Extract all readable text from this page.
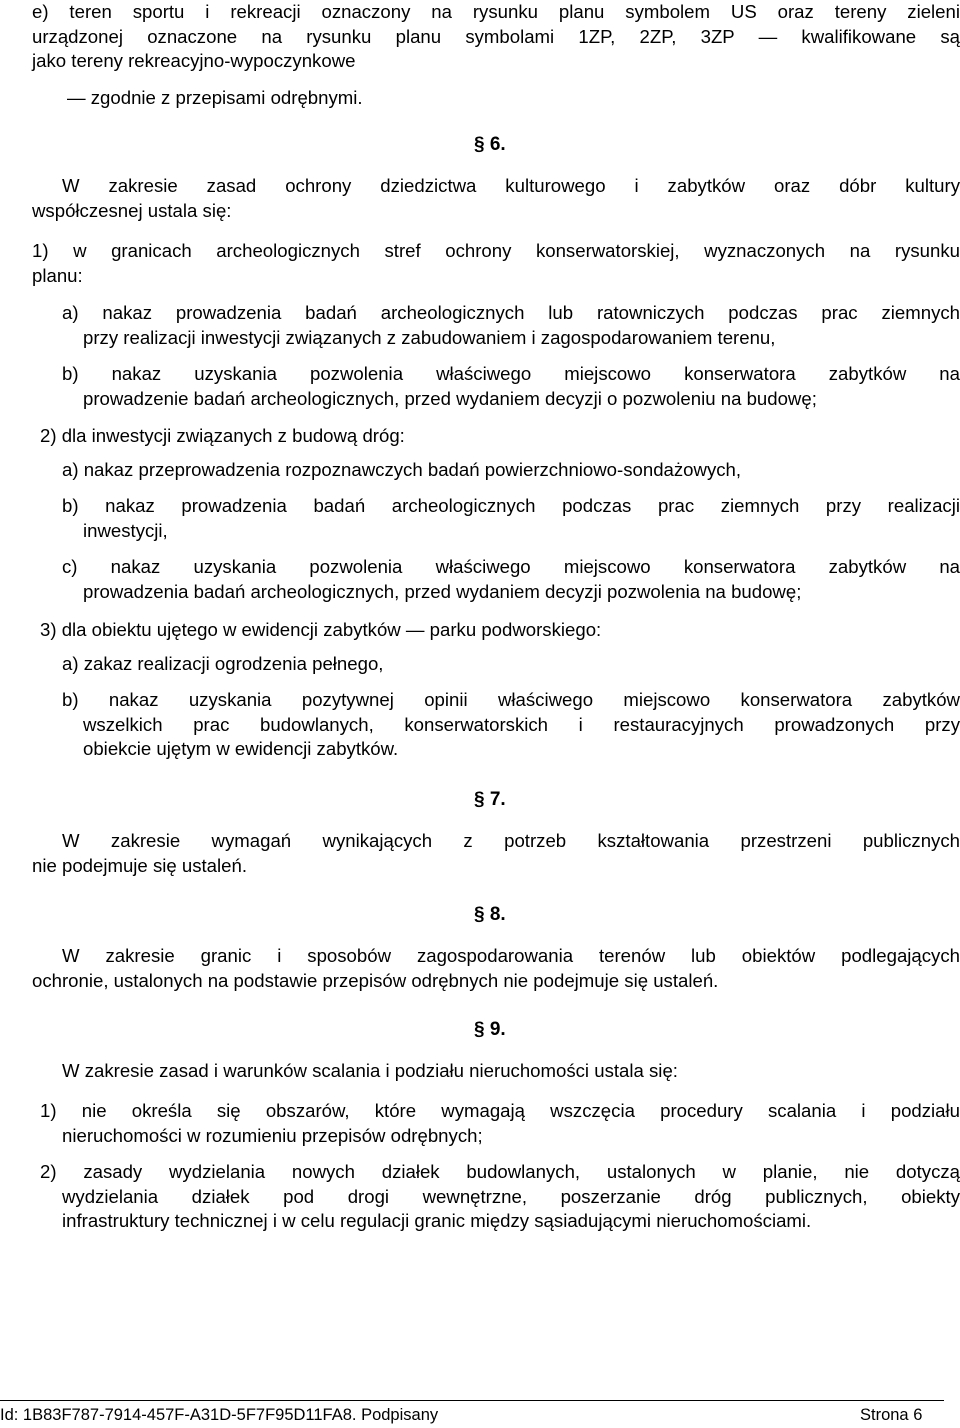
e) teren sportu i rekreacji oznaczony na rysunku planu symbolem US oraz tereny zieleni
urządzonej oznaczone na rysunku planu symbolami 1ZP, 2ZP, 3ZP — kwalifikowane są
jako tereny rekreacyjno-wypoczynkowe
— zgodnie z przepisami odrębnymi.
§ 6.
W zakresie zasad ochrony dziedzictwa kulturowego i zabytków oraz dóbr kultury
współczesnej ustala się:
1) w granicach archeologicznych stref ochrony konserwatorskiej, wyznaczonych na rysunku
planu:
a) nakaz prowadzenia badań archeologicznych lub ratowniczych podczas prac ziemnych
przy realizacji inwestycji związanych z zabudowaniem i zagospodarowaniem terenu,
b) nakaz uzyskania pozwolenia właściwego miejscowo konserwatora zabytków na
prowadzenie badań archeologicznych, przed wydaniem decyzji o pozwoleniu na budowę;
2) dla inwestycji związanych z budową dróg:
a) nakaz przeprowadzenia rozpoznawczych badań powierzchniowo-sondażowych,
b) nakaz prowadzenia badań archeologicznych podczas prac ziemnych przy realizacji
inwestycji,
c) nakaz uzyskania pozwolenia właściwego miejscowo konserwatora zabytków na
prowadzenia badań archeologicznych, przed wydaniem decyzji pozwolenia na budowę;
3) dla obiektu ujętego w ewidencji zabytków — parku podworskiego:
a) zakaz realizacji ogrodzenia pełnego,
b) nakaz uzyskania pozytywnej opinii właściwego miejscowo konserwatora zabytków
wszelkich prac budowlanych, konserwatorskich i restauracyjnych prowadzonych przy
obiekcie ujętym w ewidencji zabytków.
§ 7.
W zakresie wymagań wynikających z potrzeb kształtowania przestrzeni publicznych
nie podejmuje się ustaleń.
§ 8.
W zakresie granic i sposobów zagospodarowania terenów lub obiektów podlegających
ochronie, ustalonych na podstawie przepisów odrębnych nie podejmuje się ustaleń.
§ 9.
W zakresie zasad i warunków scalania i podziału nieruchomości ustala się:
1) nie określa się obszarów, które wymagają wszczęcia procedury scalania i podziału
nieruchomości w rozumieniu przepisów odrębnych;
2) zasady wydzielania nowych działek budowlanych, ustalonych w planie, nie dotyczą
wydzielania działek pod drogi wewnętrzne, poszerzanie dróg publicznych, obiekty
infrastruktury technicznej i w celu regulacji granic między sąsiadującymi nieruchomościami.
Id: 1B83F787-7914-457F-A31D-5F7F95D11FA8. Podpisany	Strona 6
